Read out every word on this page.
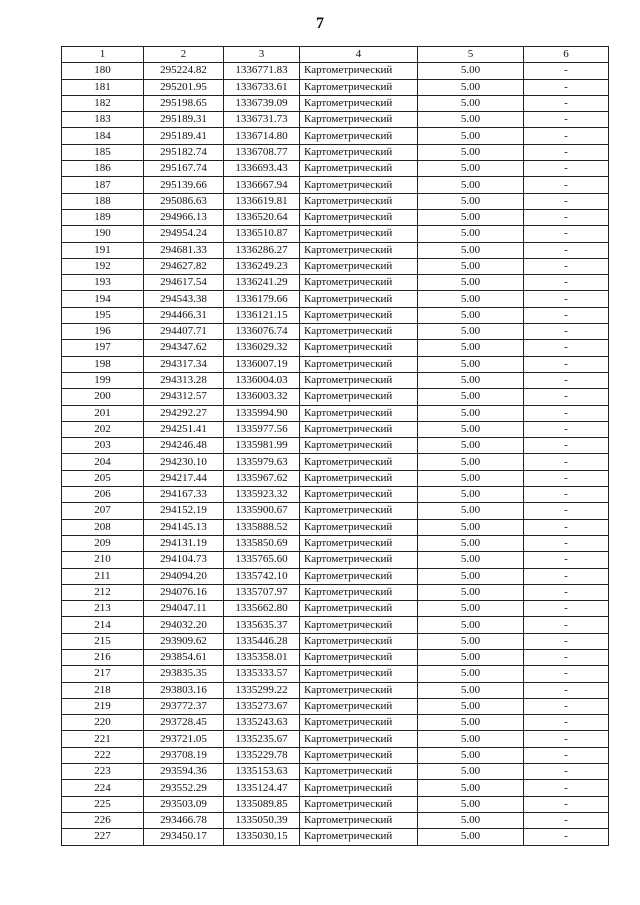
7
1	2	3	4	5	6
180	295224.82	1336771.83	Картометрический	5.00	-
181	295201.95	1336733.61	Картометрический	5.00	-
182	295198.65	1336739.09	Картометрический	5.00	-
183	295189.31	1336731.73	Картометрический	5.00	-
184	295189.41	1336714.80	Картометрический	5.00	-
185	295182.74	1336708.77	Картометрический	5.00	-
186	295167.74	1336693.43	Картометрический	5.00	-
187	295139.66	1336667.94	Картометрический	5.00	-
188	295086.63	1336619.81	Картометрический	5.00	-
189	294966.13	1336520.64	Картометрический	5.00	-
190	294954.24	1336510.87	Картометрический	5.00	-
191	294681.33	1336286.27	Картометрический	5.00	-
192	294627.82	1336249.23	Картометрический	5.00	-
193	294617.54	1336241.29	Картометрический	5.00	-
194	294543.38	1336179.66	Картометрический	5.00	-
195	294466.31	1336121.15	Картометрический	5.00	-
196	294407.71	1336076.74	Картометрический	5.00	-
197	294347.62	1336029.32	Картометрический	5.00	-
198	294317.34	1336007.19	Картометрический	5.00	-
199	294313.28	1336004.03	Картометрический	5.00	-
200	294312.57	1336003.32	Картометрический	5.00	-
201	294292.27	1335994.90	Картометрический	5.00	-
202	294251.41	1335977.56	Картометрический	5.00	-
203	294246.48	1335981.99	Картометрический	5.00	-
204	294230.10	1335979.63	Картометрический	5.00	-
205	294217.44	1335967.62	Картометрический	5.00	-
206	294167.33	1335923.32	Картометрический	5.00	-
207	294152.19	1335900.67	Картометрический	5.00	-
208	294145.13	1335888.52	Картометрический	5.00	-
209	294131.19	1335850.69	Картометрический	5.00	-
210	294104.73	1335765.60	Картометрический	5.00	-
211	294094.20	1335742.10	Картометрический	5.00	-
212	294076.16	1335707.97	Картометрический	5.00	-
213	294047.11	1335662.80	Картометрический	5.00	-
214	294032.20	1335635.37	Картометрический	5.00	-
215	293909.62	1335446.28	Картометрический	5.00	-
216	293854.61	1335358.01	Картометрический	5.00	-
217	293835.35	1335333.57	Картометрический	5.00	-
218	293803.16	1335299.22	Картометрический	5.00	-
219	293772.37	1335273.67	Картометрический	5.00	-
220	293728.45	1335243.63	Картометрический	5.00	-
221	293721.05	1335235.67	Картометрический	5.00	-
222	293708.19	1335229.78	Картометрический	5.00	-
223	293594.36	1335153.63	Картометрический	5.00	-
224	293552.29	1335124.47	Картометрический	5.00	-
225	293503.09	1335089.85	Картометрический	5.00	-
226	293466.78	1335050.39	Картометрический	5.00	-
227	293450.17	1335030.15	Картометрический	5.00	-
